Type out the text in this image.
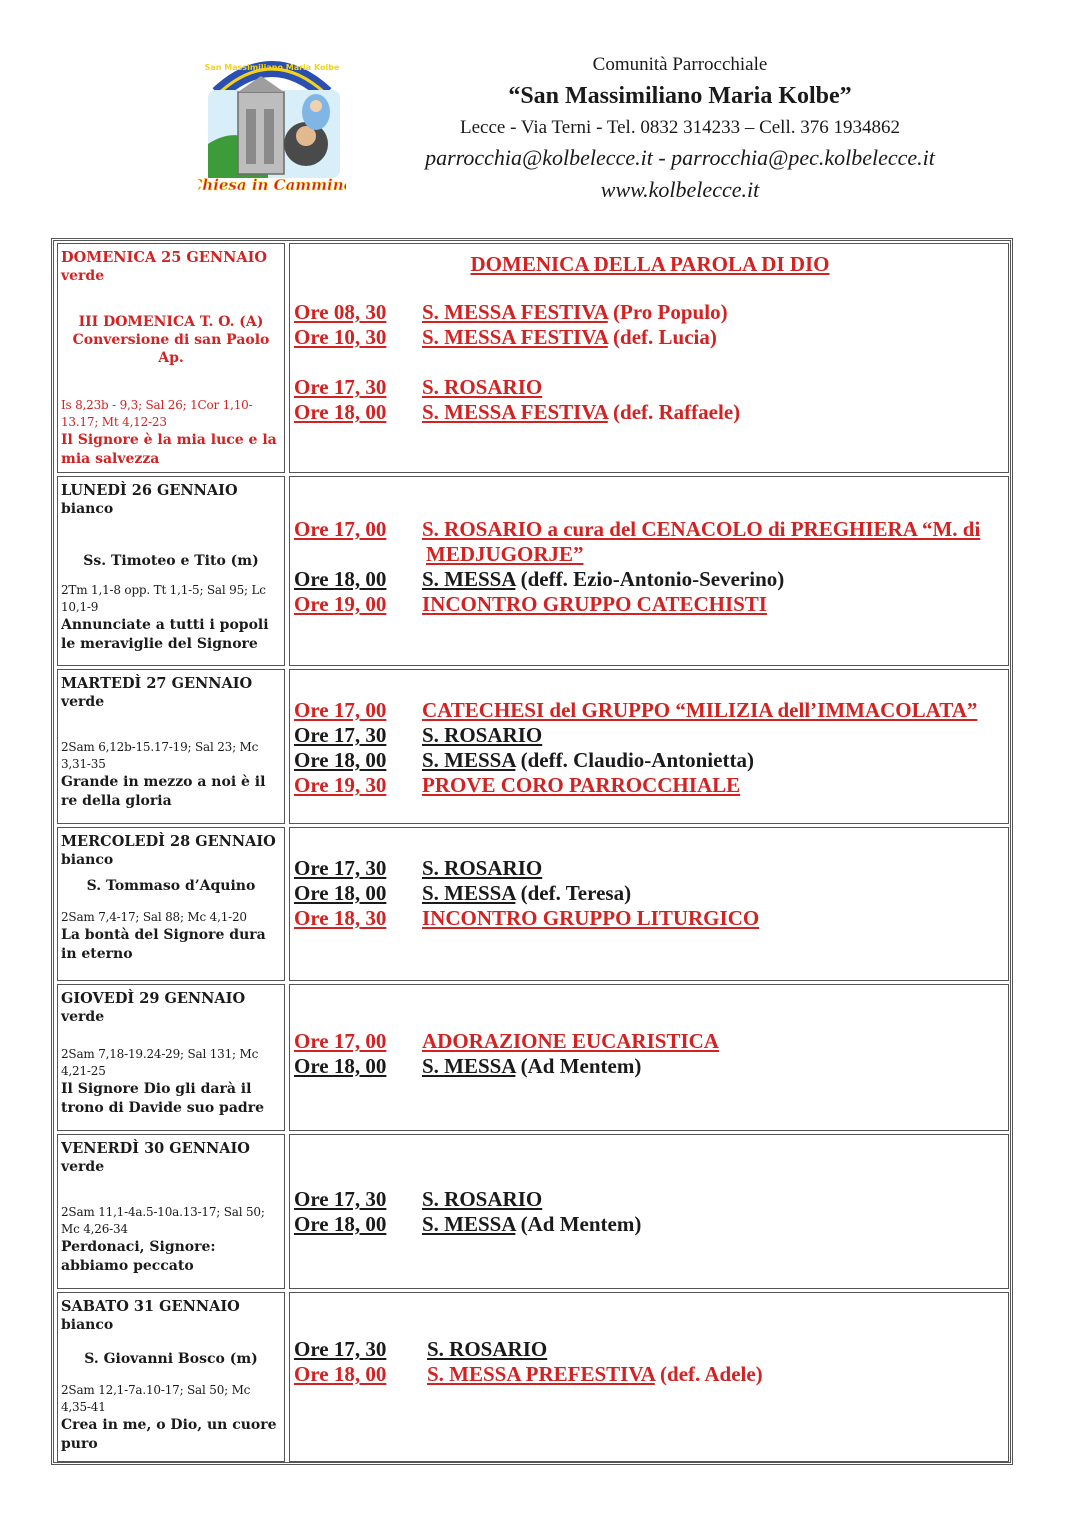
Chiesa in Cammino
San Massimiliano Maria Kolbe	Comunità Parrocchiale
“San Massimiliano Maria Kolbe”
Lecce - Via Terni - Tel. 0832 314233 – Cell. 376 1934862
parrocchia@kolbelecce.it - parrocchia@pec.kolbelecce.it
www.kolbelecce.it
DOMENICA 25 GENNAIO
verde
III DOMENICA T. O. (A)
Conversione di san Paolo Ap.
Is 8,23b - 9,3; Sal 26; 1Cor 1,10-13.17; Mt 4,12-23
Il Signore è la mia luce e la mia salvezza
DOMENICA DELLA PAROLA DI DIO
Ore 08, 30 S. MESSA FESTIVA (Pro Populo)
Ore 10, 30 S. MESSA FESTIVA (def. Lucia)
Ore 17, 30 S. ROSARIO
Ore 18, 00 S. MESSA FESTIVA (def. Raffaele)
LUNEDÌ 26 GENNAIO
bianco
Ss. Timoteo e Tito (m)
2Tm 1,1-8 opp. Tt 1,1-5; Sal 95; Lc 10,1-9
Annunciate a tutti i popoli le meraviglie del Signore
Ore 17, 00 S. ROSARIO a cura del CENACOLO di PREGHIERA “M. di
MEDJUGORJE”
Ore 18, 00 S. MESSA (deff. Ezio-Antonio-Severino)
Ore 19, 00 INCONTRO GRUPPO CATECHISTI
MARTEDÌ 27 GENNAIO
verde
2Sam 6,12b-15.17-19; Sal 23; Mc 3,31-35
Grande in mezzo a noi è il re della gloria
Ore 17, 00 CATECHESI del GRUPPO “MILIZIA dell’IMMACOLATA”
Ore 17, 30 S. ROSARIO
Ore 18, 00 S. MESSA (deff. Claudio-Antonietta)
Ore 19, 30 PROVE CORO PARROCCHIALE
MERCOLEDÌ 28 GENNAIO
bianco
S. Tommaso d’Aquino
2Sam 7,4-17; Sal 88; Mc 4,1-20
La bontà del Signore dura in eterno
Ore 17, 30 S. ROSARIO
Ore 18, 00 S. MESSA (def. Teresa)
Ore 18, 30 INCONTRO GRUPPO LITURGICO
GIOVEDÌ 29 GENNAIO
verde
2Sam 7,18-19.24-29; Sal 131; Mc 4,21-25
Il Signore Dio gli darà il trono di Davide suo padre
Ore 17, 00 ADORAZIONE EUCARISTICA
Ore 18, 00 S. MESSA (Ad Mentem)
VENERDÌ 30 GENNAIO
verde
2Sam 11,1-4a.5-10a.13-17; Sal 50; Mc 4,26-34
Perdonaci, Signore: abbiamo peccato
Ore 17, 30 S. ROSARIO
Ore 18, 00 S. MESSA (Ad Mentem)
SABATO 31 GENNAIO
bianco
S. Giovanni Bosco (m)
2Sam 12,1-7a.10-17; Sal 50; Mc 4,35-41
Crea in me, o Dio, un cuore puro
Ore 17, 30 S. ROSARIO
Ore 18, 00 S. MESSA PREFESTIVA (def. Adele)
